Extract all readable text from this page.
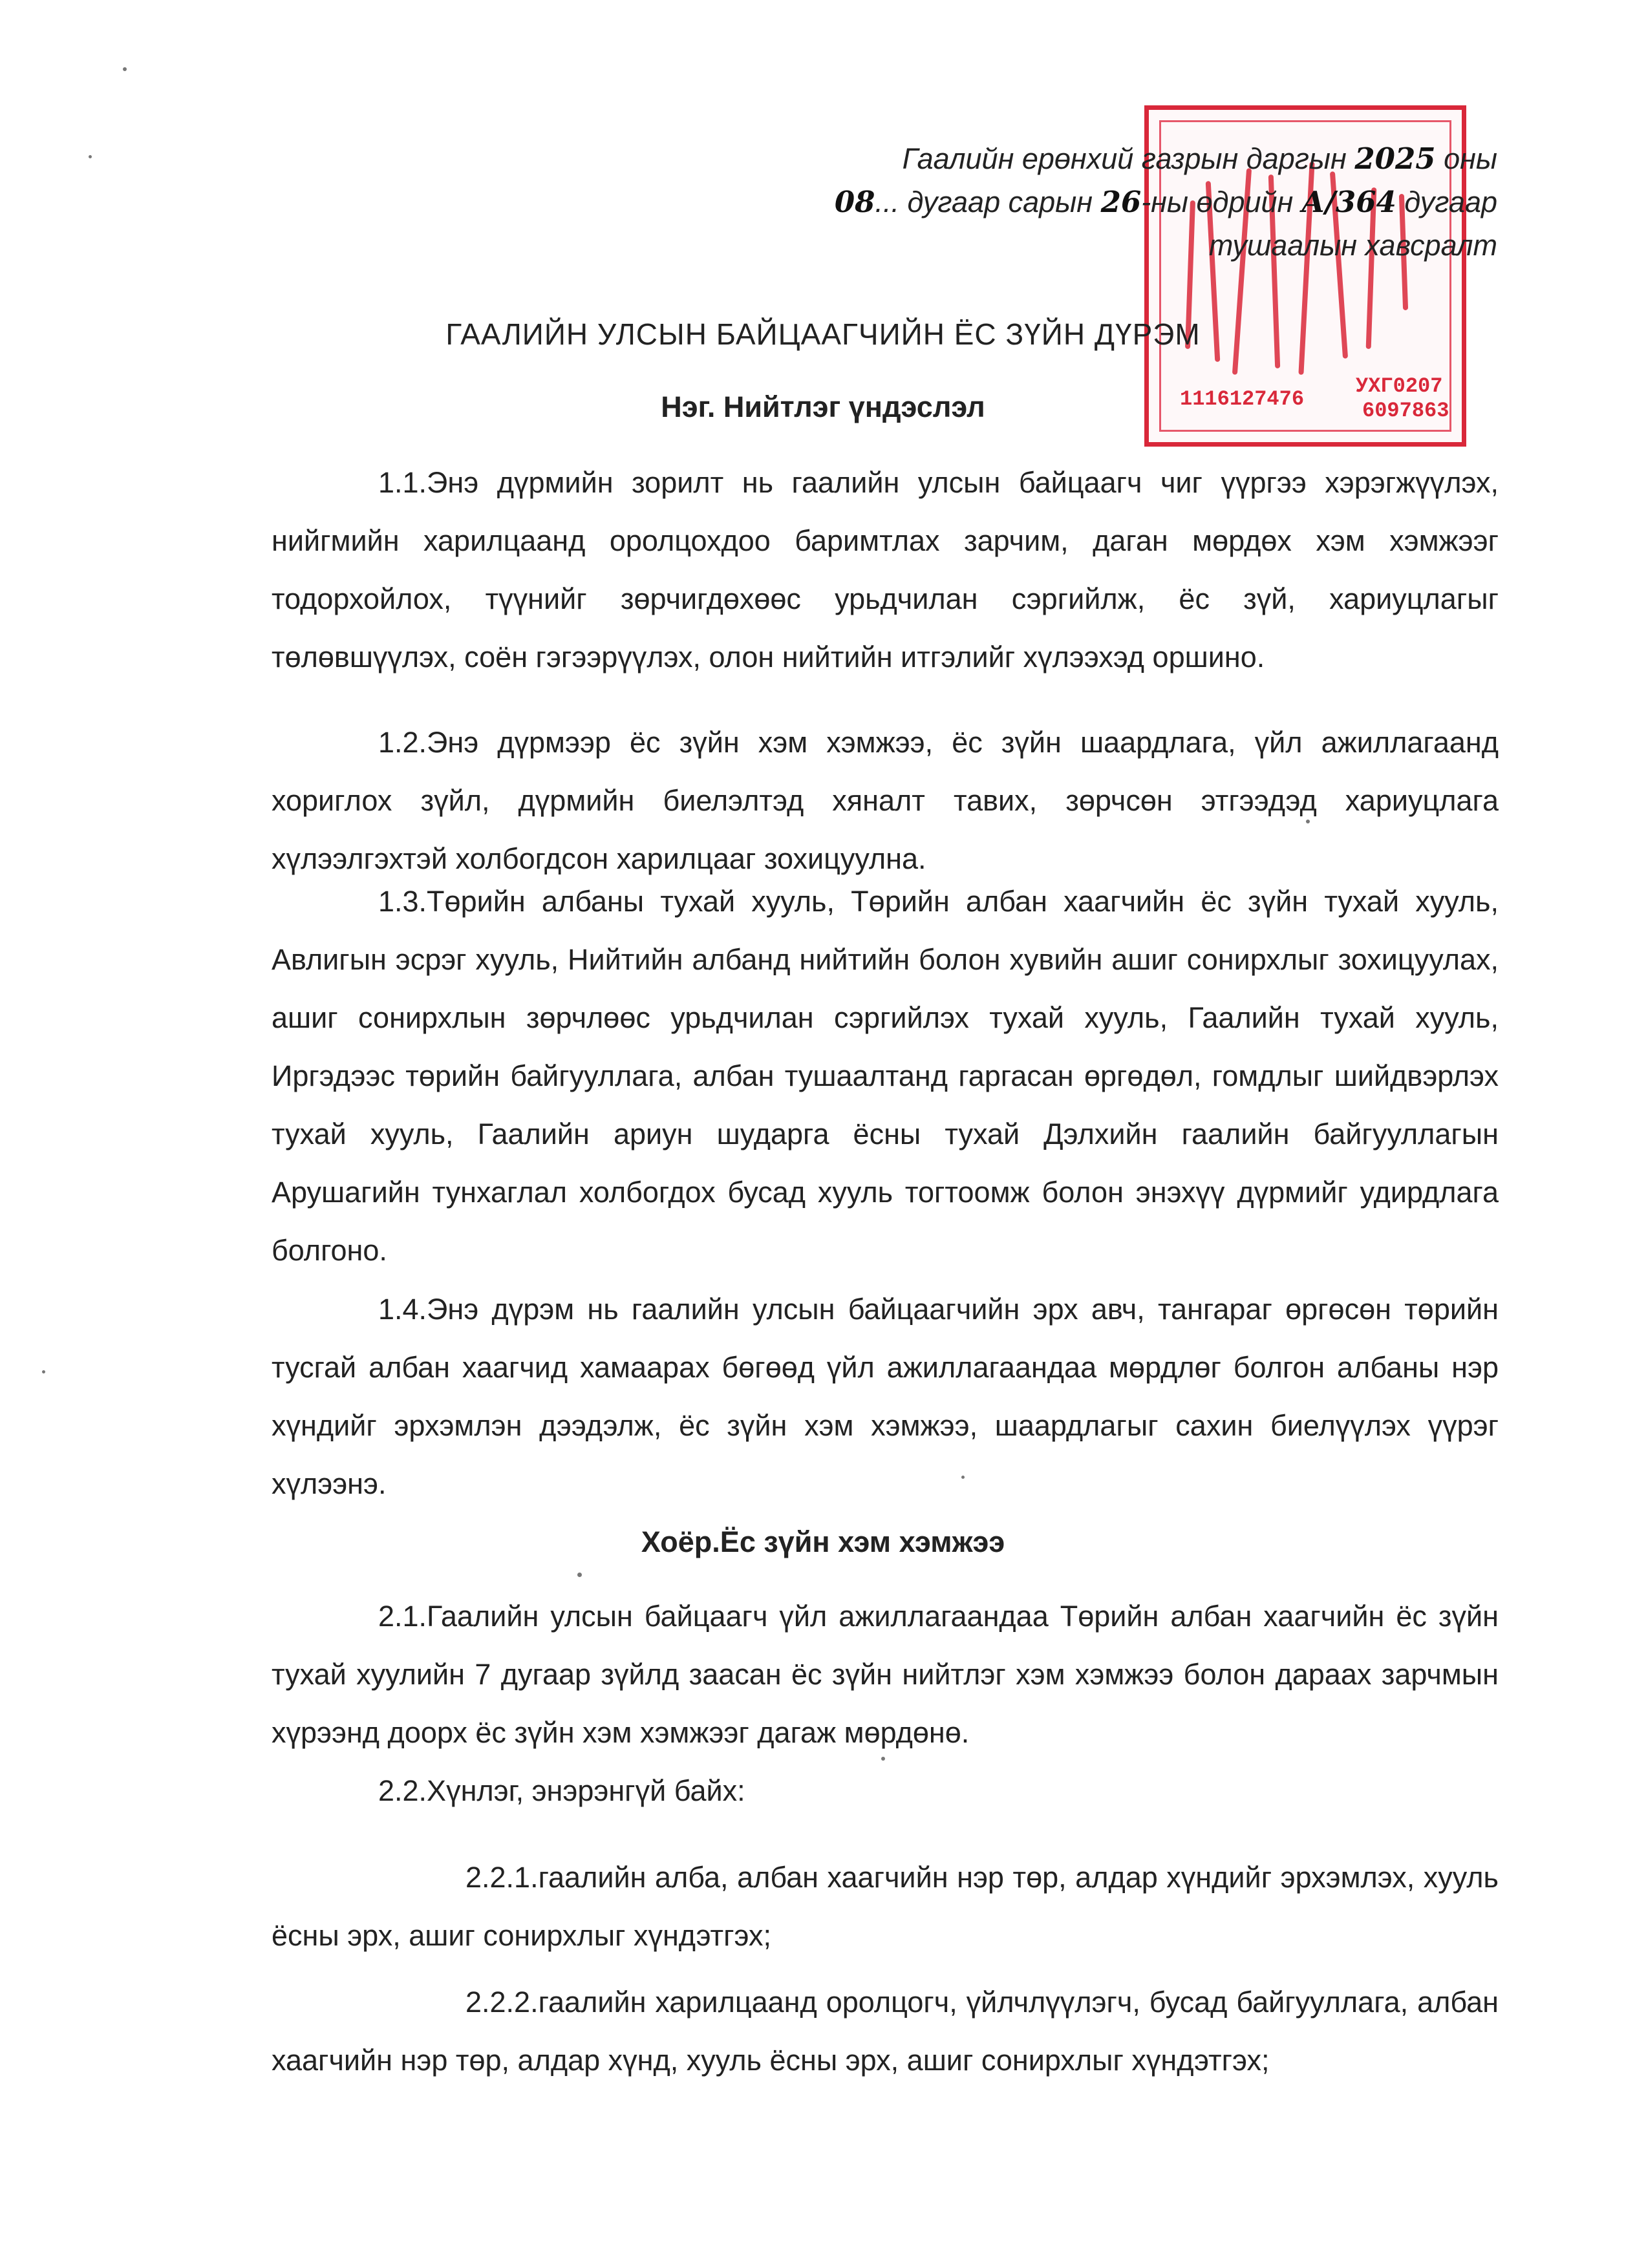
1116127476
УХГ0207
6097863
Гаалийн ерөнхий газрын даргын 2025 оны
08... дугаар сарын 26-ны өдрийн А/364 дугаар
тушаалын хавсралт
ГААЛИЙН УЛСЫН БАЙЦААГЧИЙН ЁС ЗҮЙН ДҮРЭМ
Нэг. Нийтлэг үндэслэл
1.1.Энэ дүрмийн зорилт нь гаалийн улсын байцаагч чиг үүргээ хэрэгжүүлэх, нийгмийн харилцаанд оролцохдоо баримтлах зарчим, даган мөрдөх хэм хэмжээг тодорхойлох, түүнийг зөрчигдөхөөс урьдчилан сэргийлж, ёс зүй, хариуцлагыг төлөвшүүлэх, соён гэгээрүүлэх, олон нийтийн итгэлийг хүлээхэд оршино.
1.2.Энэ дүрмээр ёс зүйн хэм хэмжээ, ёс зүйн шаардлага, үйл ажиллагаанд хориглох зүйл, дүрмийн биелэлтэд хяналт тавих, зөрчсөн этгээдэд хариуцлага хүлээлгэхтэй холбогдсон харилцааг зохицуулна.
1.3.Төрийн албаны тухай хууль, Төрийн албан хаагчийн ёс зүйн тухай хууль, Авлигын эсрэг хууль, Нийтийн албанд нийтийн болон хувийн ашиг сонирхлыг зохицуулах, ашиг сонирхлын зөрчлөөс урьдчилан сэргийлэх тухай хууль, Гаалийн тухай хууль, Иргэдээс төрийн байгууллага, албан тушаалтанд гаргасан өргөдөл, гомдлыг шийдвэрлэх тухай хууль, Гаалийн ариун шударга ёсны тухай Дэлхийн гаалийн байгууллагын Арушагийн тунхаглал холбогдох бусад хууль тогтоомж болон энэхүү дүрмийг удирдлага болгоно.
1.4.Энэ дүрэм нь гаалийн улсын байцаагчийн эрх авч, тангараг өргөсөн төрийн тусгай албан хаагчид хамаарах бөгөөд үйл ажиллагаандаа мөрдлөг болгон албаны нэр хүндийг эрхэмлэн дээдэлж, ёс зүйн хэм хэмжээ, шаардлагыг сахин биелүүлэх үүрэг хүлээнэ.
Хоёр.Ёс зүйн хэм хэмжээ
2.1.Гаалийн улсын байцаагч үйл ажиллагаандаа Төрийн албан хаагчийн ёс зүйн тухай хуулийн 7 дугаар зүйлд заасан ёс зүйн нийтлэг хэм хэмжээ болон дараах зарчмын хүрээнд доорх ёс зүйн хэм хэмжээг дагаж мөрдөнө.
2.2.Хүнлэг, энэрэнгүй байх:
2.2.1.гаалийн алба, албан хаагчийн нэр төр, алдар хүндийг эрхэмлэх, хууль ёсны эрх, ашиг сонирхлыг хүндэтгэх;
2.2.2.гаалийн харилцаанд оролцогч, үйлчлүүлэгч, бусад байгууллага, албан хаагчийн нэр төр, алдар хүнд, хууль ёсны эрх, ашиг сонирхлыг хүндэтгэх;
